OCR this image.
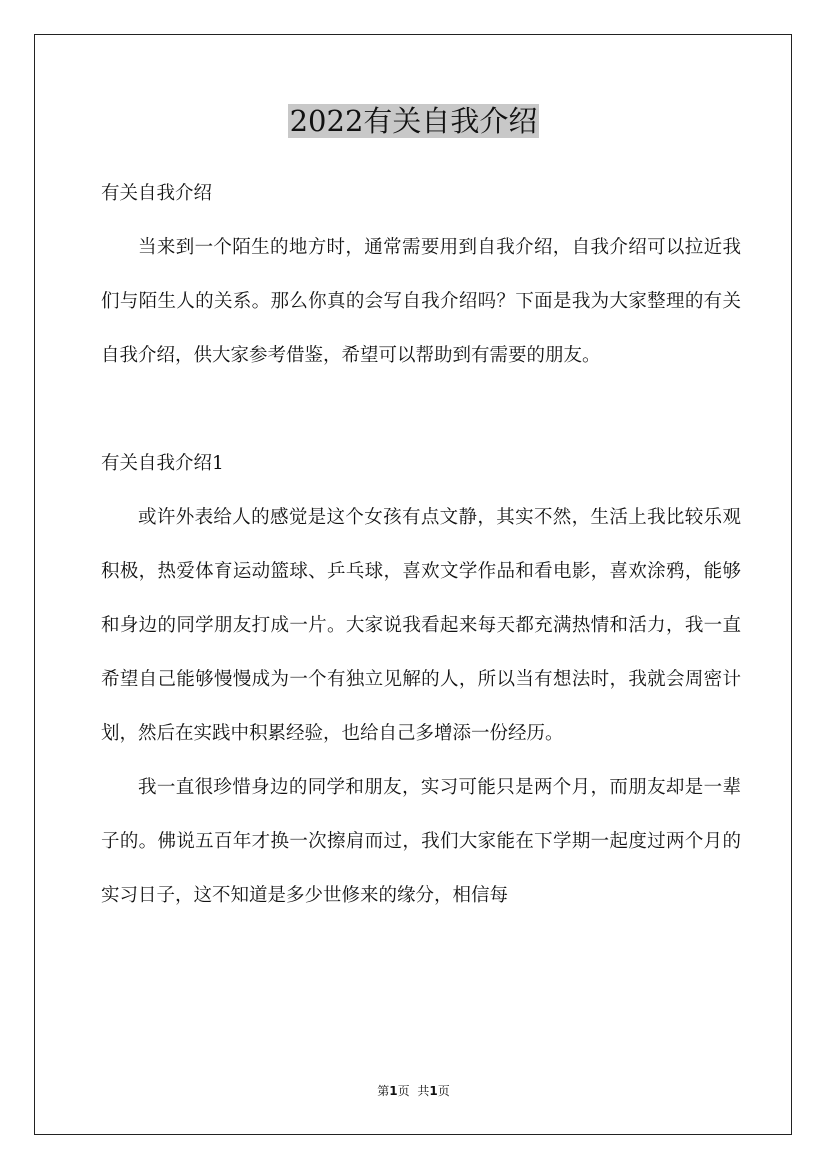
2022有关自我介绍

有关自我介绍

当来到一个陌生的地方时，通常需要用到自我介绍，自我介绍可以拉近我们与陌生人的关系。那么你真的会写自我介绍吗？下面是我为大家整理的有关自我介绍，供大家参考借鉴，希望可以帮助到有需要的朋友。

有关自我介绍1

或许外表给人的感觉是这个女孩有点文静，其实不然，生活上我比较乐观积极，热爱体育运动篮球、乒乓球，喜欢文学作品和看电影，喜欢涂鸦，能够和身边的同学朋友打成一片。大家说我看起来每天都充满热情和活力，我一直希望自己能够慢慢成为一个有独立见解的人，所以当有想法时，我就会周密计划，然后在实践中积累经验，也给自己多增添一份经历。

我一直很珍惜身边的同学和朋友，实习可能只是两个月，而朋友却是一辈子的。佛说五百年才换一次擦肩而过，我们大家能在下学期一起度过两个月的实习日子，这不知道是多少世修来的缘分，相信每

第1页 共1页
